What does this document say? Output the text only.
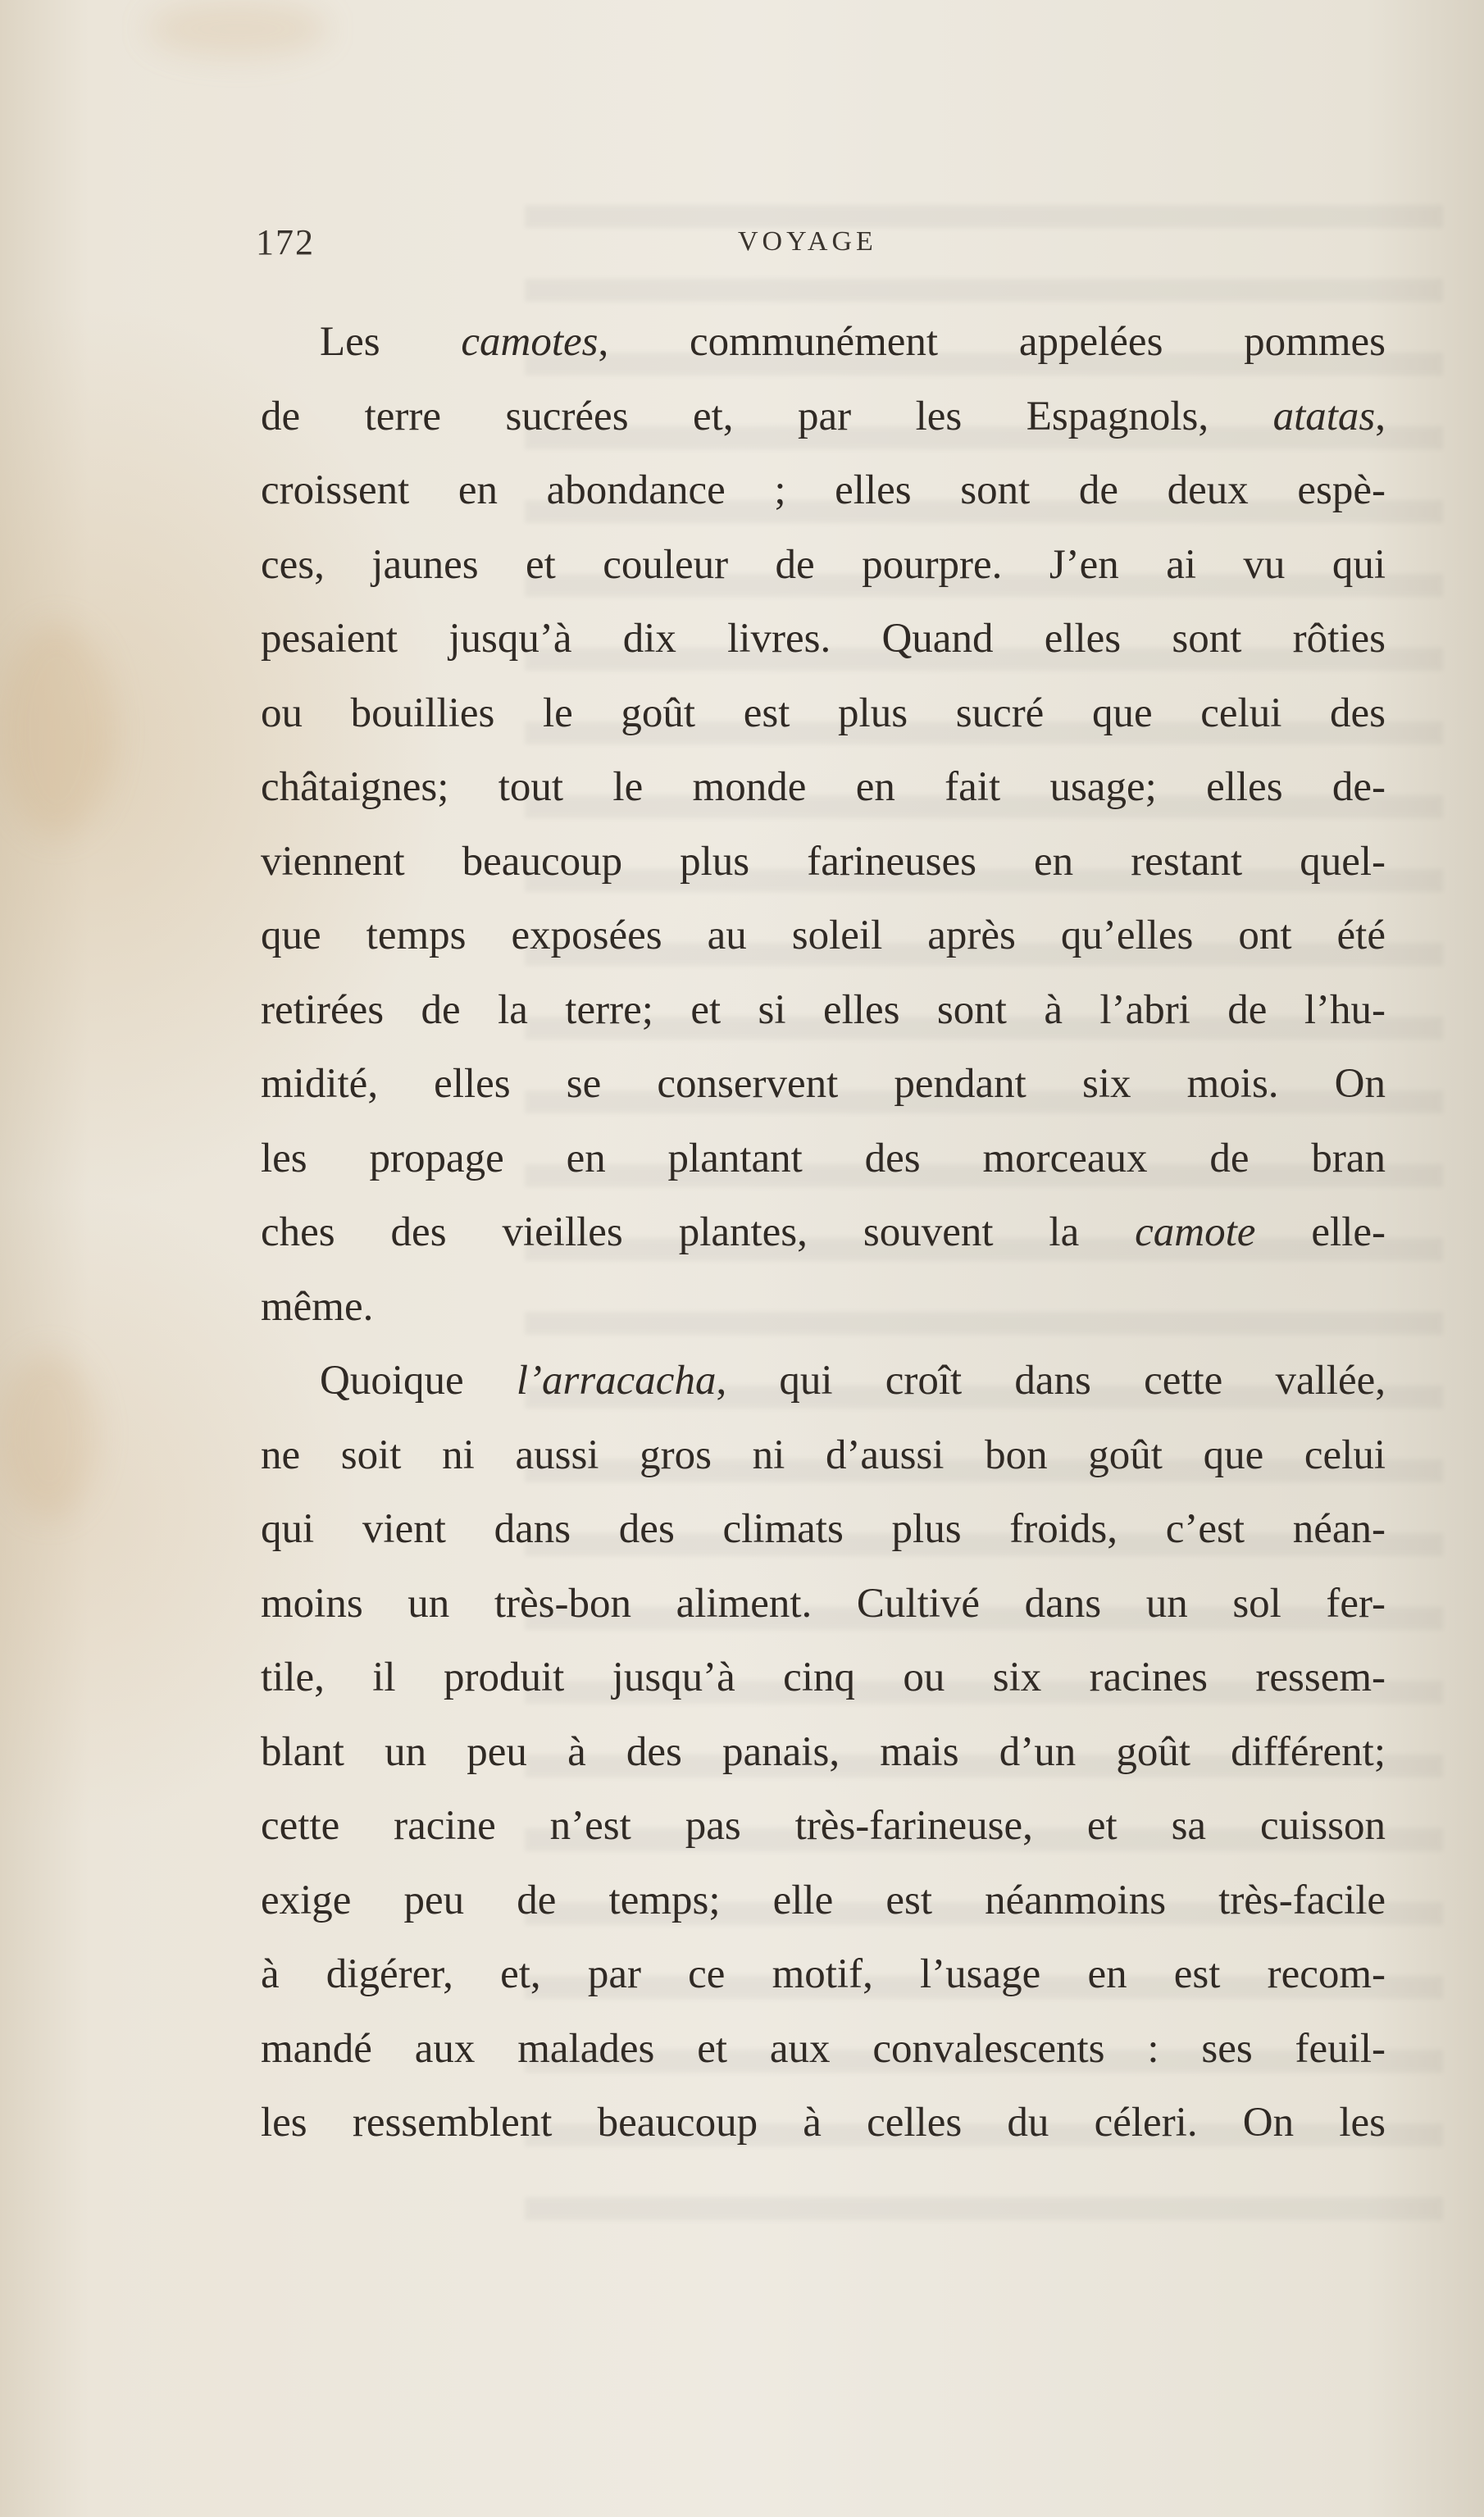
172	VOYAGE
Les camotes, communément appelées pommes
de terre sucrées et, par les Espagnols, atatas,
croissent en abondance ; elles sont de deux espè-
ces, jaunes et couleur de pourpre. J’en ai vu qui
pesaient jusqu’à dix livres. Quand elles sont rôties
ou bouillies le goût est plus sucré que celui des
châtaignes; tout le monde en fait usage; elles de-
viennent beaucoup plus farineuses en restant quel-
que temps exposées au soleil après qu’elles ont été
retirées de la terre; et si elles sont à l’abri de l’hu-
midité, elles se conservent pendant six mois. On
les propage en plantant des morceaux de bran
ches des vieilles plantes, souvent la camote elle-
même.
Quoique l’arracacha, qui croît dans cette vallée,
ne soit ni aussi gros ni d’aussi bon goût que celui
qui vient dans des climats plus froids, c’est néan-
moins un très-bon aliment. Cultivé dans un sol fer-
tile, il produit jusqu’à cinq ou six racines ressem-
blant un peu à des panais, mais d’un goût différent;
cette racine n’est pas très-farineuse, et sa cuisson
exige peu de temps; elle est néanmoins très-facile
à digérer, et, par ce motif, l’usage en est recom-
mandé aux malades et aux convalescents : ses feuil-
les ressemblent beaucoup à celles du céleri. On les
